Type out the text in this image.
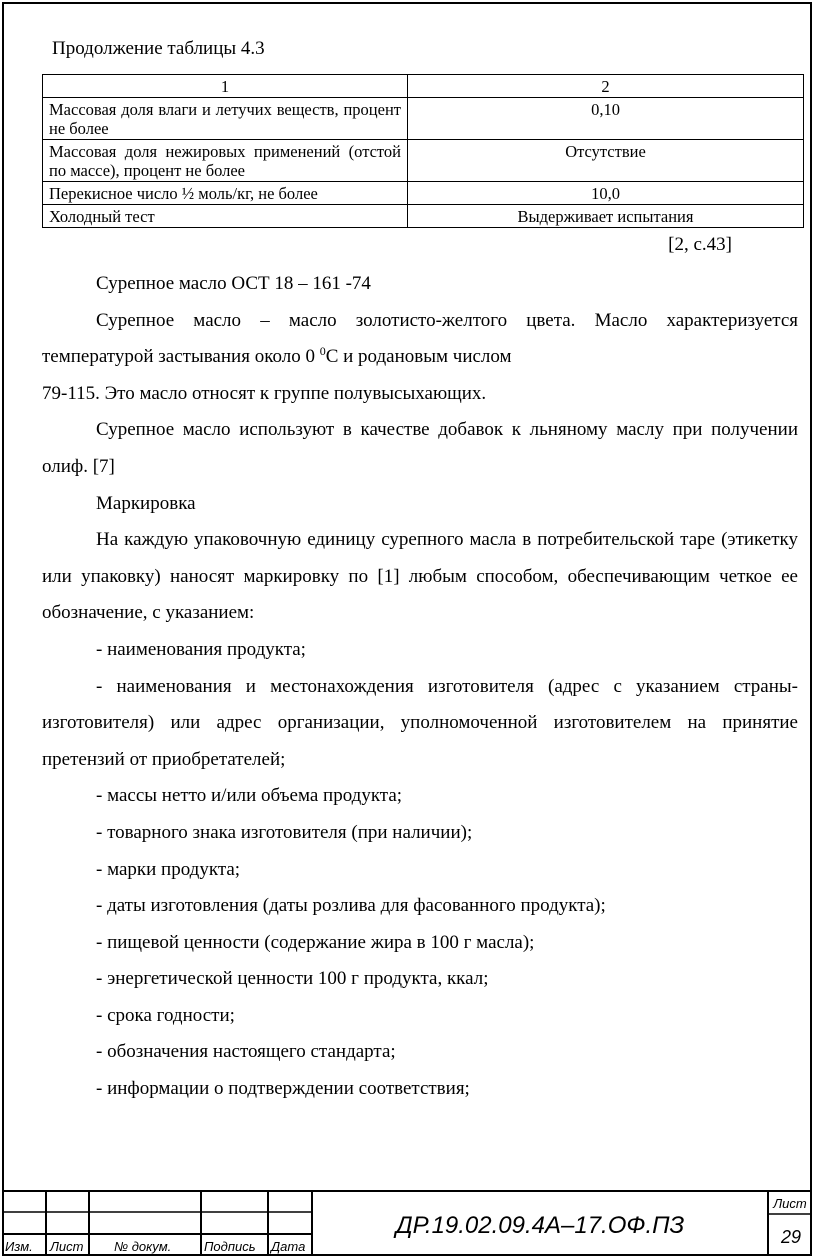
Продолжение таблицы 4.3
1	2
Массовая доля влаги и летучих веществ, процент не более	0,10
Массовая доля нежировых применений (отстой по массе), процент не более	Отсутствие
Перекисное число ½ моль/кг, не более	10,0
Холодный тест	Выдерживает испытания
[2, с.43]

Сурепное масло ОСТ 18 – 161 -74

Сурепное масло – масло золотисто-желтого цвета. Масло характеризуется температурой застывания около 0 $^0$С и родановым числом

79-115. Это масло относят к группе полувысыхающих.

Сурепное масло используют в качестве добавок к льняному маслу при получении олиф. [7]

Маркировка

На каждую упаковочную единицу сурепного масла в потребительской таре (этикетку или упаковку) наносят маркировку по [1] любым способом, обеспечивающим четкое ее обозначение, с указанием:

- наименования продукта;

- наименования и местонахождения изготовителя (адрес с указанием страны-изготовителя) или адрес организации, уполномоченной изготовителем на принятие претензий от приобретателей;

- массы нетто и/или объема продукта;

- товарного знака изготовителя (при наличии);

- марки продукта;

- даты изготовления (даты розлива для фасованного продукта);

- пищевой ценности (содержание жира в 100 г масла);

- энергетической ценности 100 г продукта, ккал;

- срока годности;

- обозначения настоящего стандарта;

- информации о подтверждении соответствия;

Изм. Лист № докум.	Подпись Дата
ДР.19.02.09.4А–17.ОФ.ПЗ
Лист
29
